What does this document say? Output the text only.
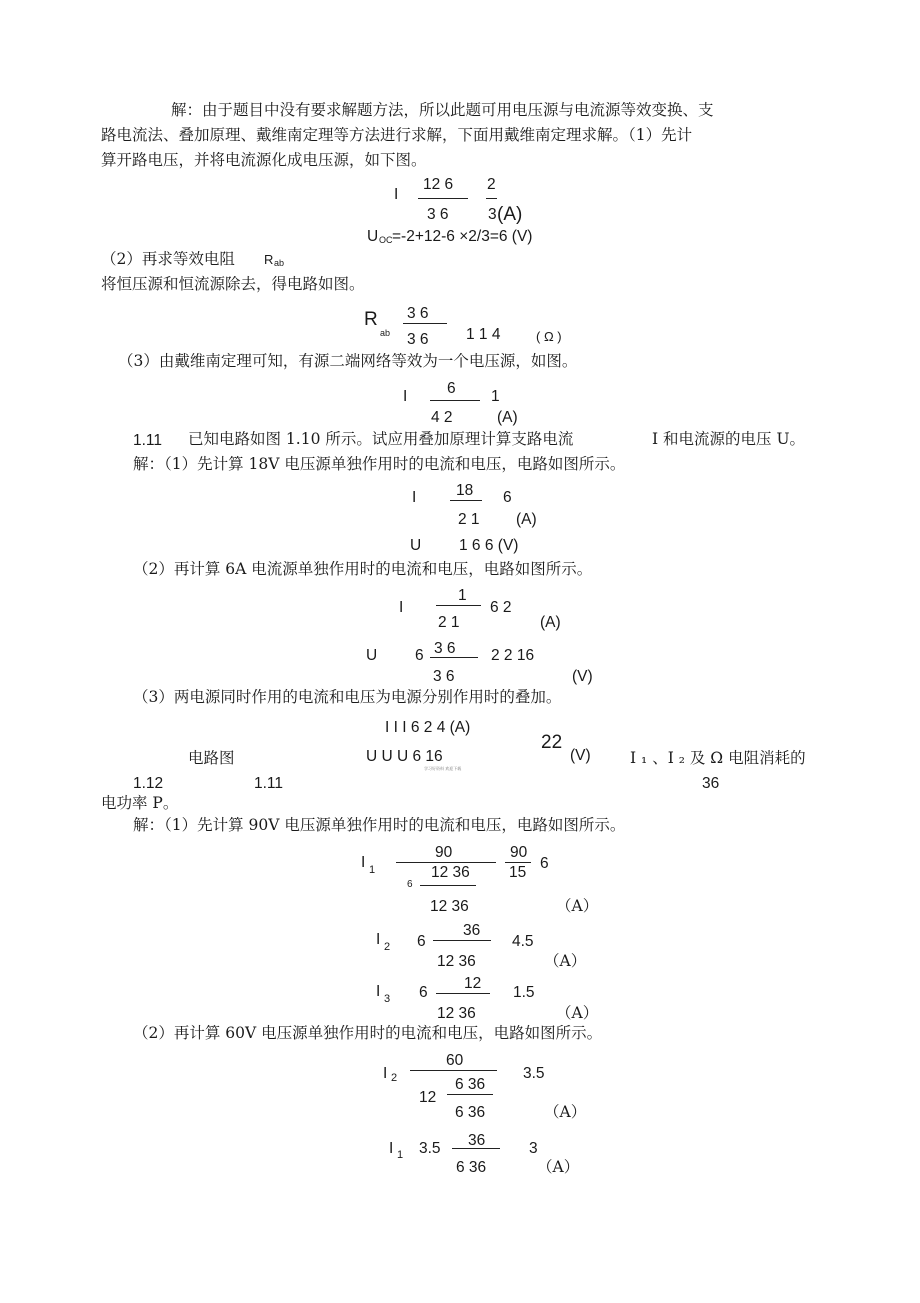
解：由于题目中没有要求解题方法，所以此题可用电压源与电流源等效变换、支
路电流法、叠加原理、戴维南定理等方法进行求解，下面用戴维南定理求解。（1）先计
算开路电压，并将电流源化成电压源，如下图。
I
12 6
3 6
2
3 (A)
U OC =-2+12-6 ×2/3=6 (V)
（2）再求等效电阻 R ab
将恒压源和恒流源除去，得电路如图。
R
ab
3 6
3 6 1 1 4	( Ω )
（3）由戴维南定理可知，有源二端网络等效为一个电压源，如图。
I	6
4 2
1
(A)
1.11 已知电路如图 1.10 所示。试应用叠加原理计算支路电流	I 和电流源的电压 U。
解：（1）先计算 18V 电压源单独作用时的电流和电压，电路如图所示。
I	18
2 1
6
(A)
U 1 6 6 (V)
（2）再计算 6A 电流源单独作用时的电流和电压，电路如图所示。
I
1
2 1
6 2
(A)
U 6 3 6
3 6
2 2 16
(V)
（3）两电源同时作用的电流和电压为电源分别作用时的叠加。
I I I 6 2 4 (A)
U U U 6 16
22
(V)
学习好资料 欢迎下载
电路图	I ₁ 、I ₂ 及 Ω 电阻消耗的
1.12	1.11	36
电功率 P。
解：（1）先计算 90V 电压源单独作用时的电流和电压，电路如图所示。
I 1
90
6
12 36
12 36
90
15
6
（A）
I 2 6
36
12 36
4.5
（A）
I 3 6
12
12 36
1.5
（A）
（2）再计算 60V 电压源单独作用时的电流和电压，电路如图所示。
I 2
60
12
6 36
6 36
3.5
（A）
I 1 3.5 36
6 36
3
（A）
